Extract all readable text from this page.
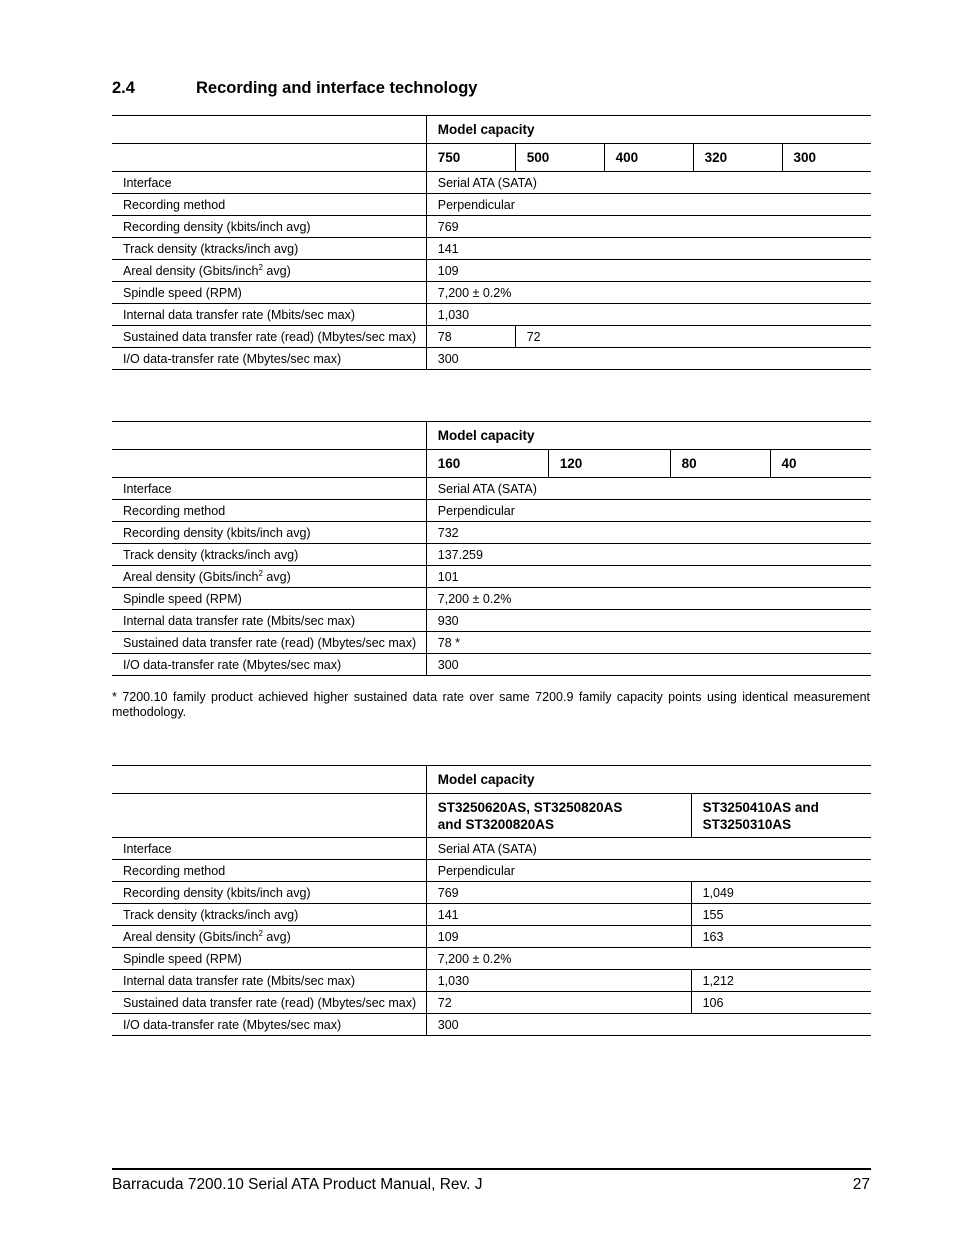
2.4	Recording and interface technology
	Model capacity				
	750	500	400	320	300
Interface	Serial ATA (SATA)				
Recording method	Perpendicular				
Recording density (kbits/inch avg)	769				
Track density (ktracks/inch avg)	141				
Areal density (Gbits/inch$^2$ avg)	109				
Spindle speed (RPM)	7,200 ± 0.2%				
Internal data transfer rate (Mbits/sec max)	1,030				
Sustained data transfer rate (read) (Mbytes/sec max)	78	72			
I/O data-transfer rate (Mbytes/sec max)	300				
	Model capacity			
	160	120	80	40
Interface	Serial ATA (SATA)			
Recording method	Perpendicular			
Recording density (kbits/inch avg)	732			
Track density (ktracks/inch avg)	137.259			
Areal density (Gbits/inch$^2$ avg)	101			
Spindle speed (RPM)	7,200 ± 0.2%			
Internal data transfer rate (Mbits/sec max)	930			
Sustained data transfer rate (read) (Mbytes/sec max)	78 *			
I/O data-transfer rate (Mbytes/sec max)	300			
* 7200.10 family product achieved higher sustained data rate over same 7200.9 family capacity points using identical measurement methodology.
	Model capacity	
	ST3250620AS, ST3250820AS
and ST3200820AS	ST3250410AS and
ST3250310AS
Interface	Serial ATA (SATA)	
Recording method	Perpendicular	
Recording density (kbits/inch avg)	769	1,049
Track density (ktracks/inch avg)	141	155
Areal density (Gbits/inch$^2$ avg)	109	163
Spindle speed (RPM)	7,200 ± 0.2%	
Internal data transfer rate (Mbits/sec max)	1,030	1,212
Sustained data transfer rate (read) (Mbytes/sec max)	72	106
I/O data-transfer rate (Mbytes/sec max)	300	
Barracuda 7200.10 Serial ATA Product Manual, Rev. J	27
